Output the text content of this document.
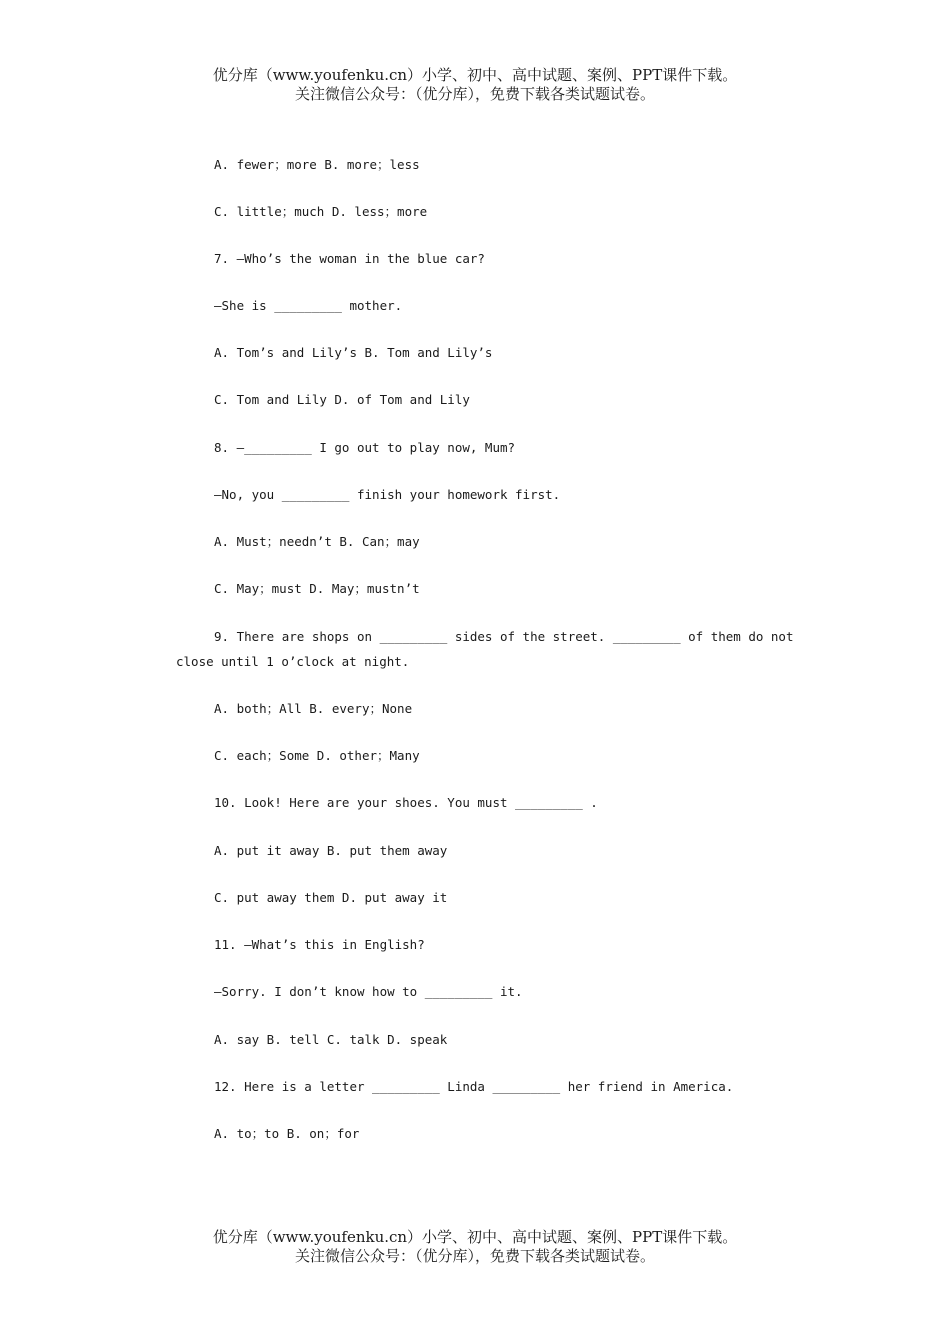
优分库（www.youfenku.cn）小学、初中、高中试题、案例、PPT课件下载。
关注微信公众号：（优分库），免费下载各类试题试卷。
A. fewer；more B. more；less
C. little；much D. less；more
7. —Who’s the woman in the blue car?
—She is _________ mother.
A. Tom’s and Lily’s B. Tom and Lily’s
C. Tom and Lily D. of Tom and Lily
8. —_________ I go out to play now, Mum?
—No, you _________ finish your homework first.
A. Must；needn’t B. Can；may
C. May；must D. May；mustn’t
9. There are shops on _________ sides of the street. _________ of them do not
close until 1 o’clock at night.
A. both；All B. every；None
C. each；Some D. other；Many
10. Look! Here are your shoes. You must _________ .
A. put it away B. put them away
C. put away them D. put away it
11. —What’s this in English?
—Sorry. I don’t know how to _________ it.
A. say B. tell C. talk D. speak
12. Here is a letter _________ Linda _________ her friend in America.
A. to；to B. on；for
优分库（www.youfenku.cn）小学、初中、高中试题、案例、PPT课件下载。
关注微信公众号：（优分库），免费下载各类试题试卷。
